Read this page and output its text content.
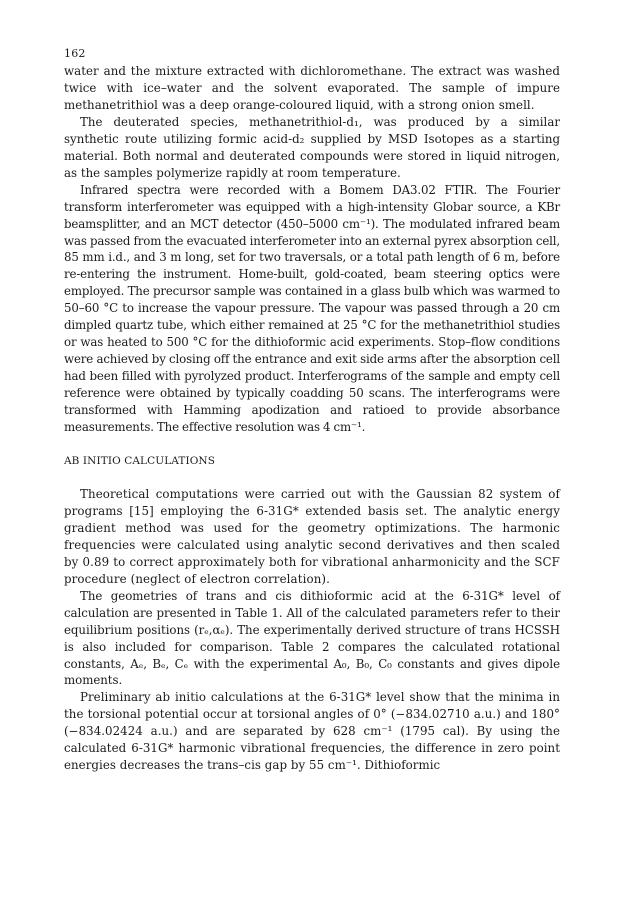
162

water and the mixture extracted with dichloromethane. The extract was washed twice with ice–water and the solvent evaporated. The sample of impure methanetrithiol was a deep orange-coloured liquid, with a strong onion smell.

The deuterated species, methanetrithiol-d₁, was produced by a similar synthetic route utilizing formic acid-d₂ supplied by MSD Isotopes as a starting material. Both normal and deuterated compounds were stored in liquid nitrogen, as the samples polymerize rapidly at room temperature.

Infrared spectra were recorded with a Bomem DA3.02 FTIR. The Fourier transform interferometer was equipped with a high-intensity Globar source, a KBr beamsplitter, and an MCT detector (450–5000 cm⁻¹). The modulated infrared beam was passed from the evacuated interferometer into an external pyrex absorption cell, 85 mm i.d., and 3 m long, set for two traversals, or a total path length of 6 m, before re-entering the instrument. Home-built, gold-coated, beam steering optics were employed. The precursor sample was contained in a glass bulb which was warmed to 50–60 °C to increase the vapour pressure. The vapour was passed through a 20 cm dimpled quartz tube, which either remained at 25 °C for the methanetrithiol studies or was heated to 500 °C for the dithioformic acid experiments. Stop–flow conditions were achieved by closing off the entrance and exit side arms after the absorption cell had been filled with pyrolyzed product. Interferograms of the sample and empty cell reference were obtained by typically coadding 50 scans. The interferograms were transformed with Hamming apodization and ratioed to provide absorbance measurements. The effective resolution was 4 cm⁻¹.

AB INITIO CALCULATIONS

Theoretical computations were carried out with the Gaussian 82 system of programs [15] employing the 6-31G* extended basis set. The analytic energy gradient method was used for the geometry optimizations. The harmonic frequencies were calculated using analytic second derivatives and then scaled by 0.89 to correct approximately both for vibrational anharmonicity and the SCF procedure (neglect of electron correlation).

The geometries of trans and cis dithioformic acid at the 6-31G* level of calculation are presented in Table 1. All of the calculated parameters refer to their equilibrium positions (rₑ,αₑ). The experimentally derived structure of trans HCSSH is also included for comparison. Table 2 compares the calculated rotational constants, Aₑ, Bₑ, Cₑ with the experimental A₀, B₀, C₀ constants and gives dipole moments.

Preliminary ab initio calculations at the 6-31G* level show that the minima in the torsional potential occur at torsional angles of 0° (−834.02710 a.u.) and 180° (−834.02424 a.u.) and are separated by 628 cm⁻¹ (1795 cal). By using the calculated 6-31G* harmonic vibrational frequencies, the difference in zero point energies decreases the trans–cis gap by 55 cm⁻¹. Dithioformic
